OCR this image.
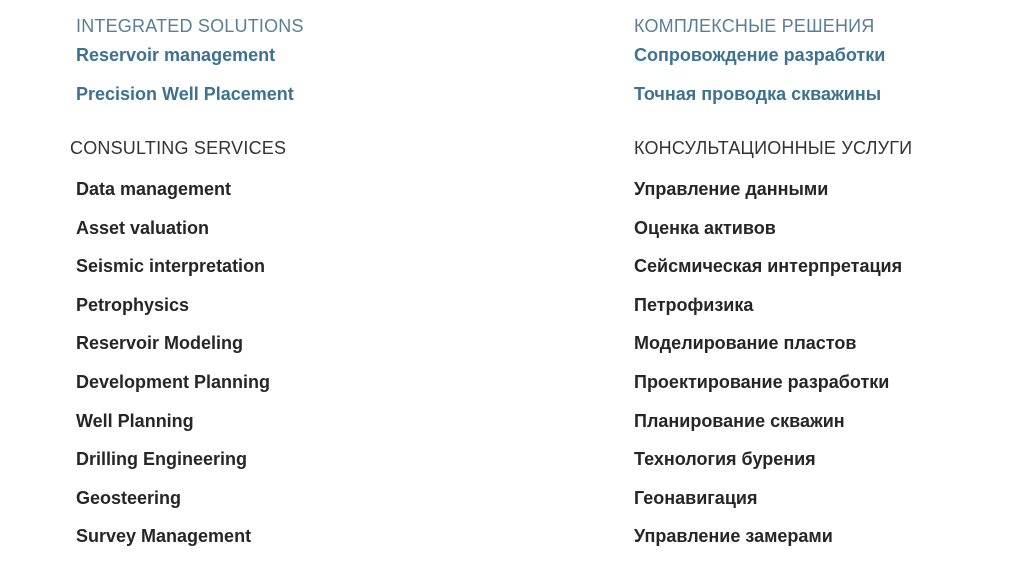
INTEGRATED SOLUTIONS
Reservoir management
Precision Well Placement
CONSULTING SERVICES
Data management
Asset valuation
Seismic interpretation
Petrophysics
Reservoir Modeling
Development Planning
Well Planning
Drilling Engineering
Geosteering
Survey Management
КОМПЛЕКСНЫЕ РЕШЕНИЯ
Сопровождение разработки
Точная проводка скважины
КОНСУЛЬТАЦИОННЫЕ УСЛУГИ
Управление данными
Оценка активов
Сейсмическая интерпретация
Петрофизика
Моделирование пластов
Проектирование разработки
Планирование скважин
Технология бурения
Геонавигация
Управление замерами
